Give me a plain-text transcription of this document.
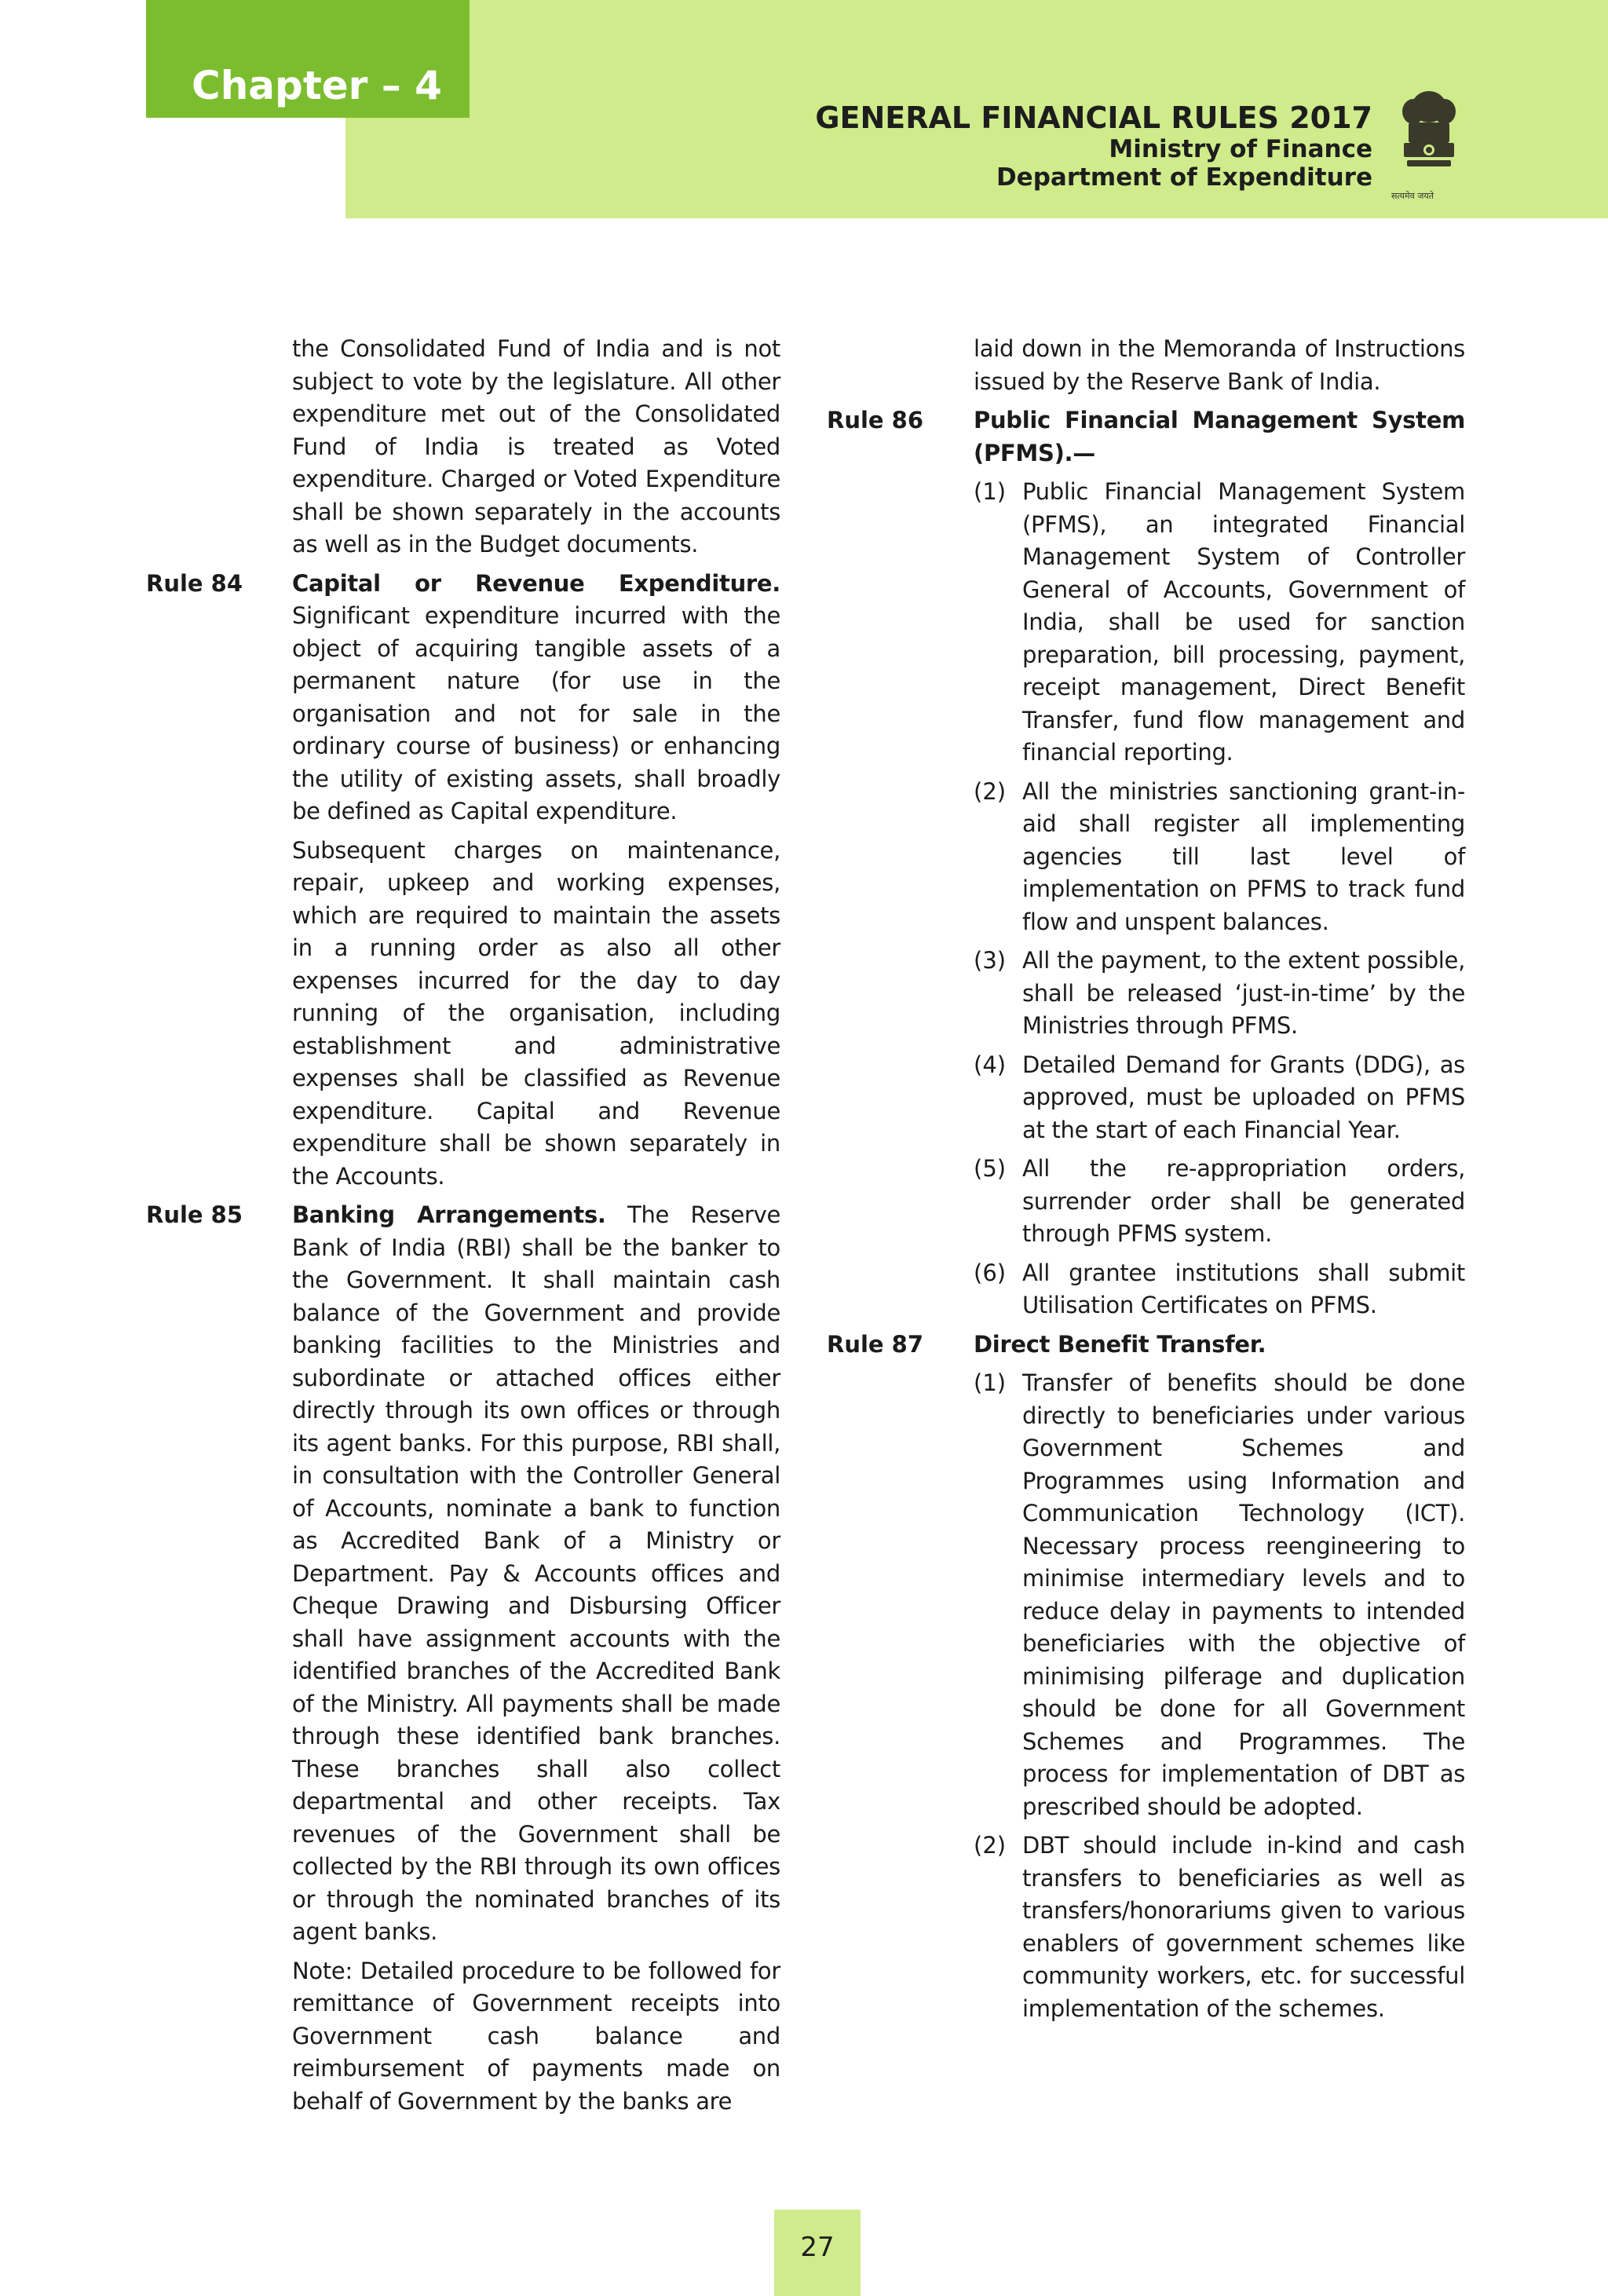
Chapter – 4
GENERAL FINANCIAL RULES 2017
Ministry of Finance
Department of Expenditure
सत्यमेव जयते

the Consolidated Fund of India and is not subject to vote by the legislature. All other expenditure met out of the Consolidated Fund of India is treated as Voted expenditure. Charged or Voted Expenditure shall be shown separately in the accounts as well as in the Budget documents.

Rule 84 Capital or Revenue Expenditure. Significant expenditure incurred with the object of acquiring tangible assets of a permanent nature (for use in the organisation and not for sale in the ordinary course of business) or enhancing the utility of existing assets, shall broadly be defined as Capital expenditure.

Subsequent charges on maintenance, repair, upkeep and working expenses, which are required to maintain the assets in a running order as also all other expenses incurred for the day to day running of the organisation, including establishment and administrative expenses shall be classified as Revenue expenditure. Capital and Revenue expenditure shall be shown separately in the Accounts.

Rule 85 Banking Arrangements. The Reserve Bank of India (RBI) shall be the banker to the Government. It shall maintain cash balance of the Government and provide banking facilities to the Ministries and subordinate or attached offices either directly through its own offices or through its agent banks. For this purpose, RBI shall, in consultation with the Controller General of Accounts, nominate a bank to function as Accredited Bank of a Ministry or Department. Pay & Accounts offices and Cheque Drawing and Disbursing Officer shall have assignment accounts with the identified branches of the Accredited Bank of the Ministry. All payments shall be made through these identified bank branches. These branches shall also collect departmental and other receipts. Tax revenues of the Government shall be collected by the RBI through its own offices or through the nominated branches of its agent banks.

Note: Detailed procedure to be followed for remittance of Government receipts into Government cash balance and reimbursement of payments made on behalf of Government by the banks are

laid down in the Memoranda of Instructions issued by the Reserve Bank of India.

Rule 86 Public Financial Management System (PFMS).—

(1) Public Financial Management System (PFMS), an integrated Financial Management System of Controller General of Accounts, Government of India, shall be used for sanction preparation, bill processing, payment, receipt management, Direct Benefit Transfer, fund flow management and financial reporting.

(2) All the ministries sanctioning grant-in-aid shall register all implementing agencies till last level of implementation on PFMS to track fund flow and unspent balances.

(3) All the payment, to the extent possible, shall be released ‘just-in-time’ by the Ministries through PFMS.

(4) Detailed Demand for Grants (DDG), as approved, must be uploaded on PFMS at the start of each Financial Year.

(5) All the re-appropriation orders, surrender order shall be generated through PFMS system.

(6) All grantee institutions shall submit Utilisation Certificates on PFMS.

Rule 87 Direct Benefit Transfer.

(1) Transfer of benefits should be done directly to beneficiaries under various Government Schemes and Programmes using Information and Communication Technology (ICT). Necessary process reengineering to minimise intermediary levels and to reduce delay in payments to intended beneficiaries with the objective of minimising pilferage and duplication should be done for all Government Schemes and Programmes. The process for implementation of DBT as prescribed should be adopted.

(2) DBT should include in-kind and cash transfers to beneficiaries as well as transfers/honorariums given to various enablers of government schemes like community workers, etc. for successful implementation of the schemes.

27
